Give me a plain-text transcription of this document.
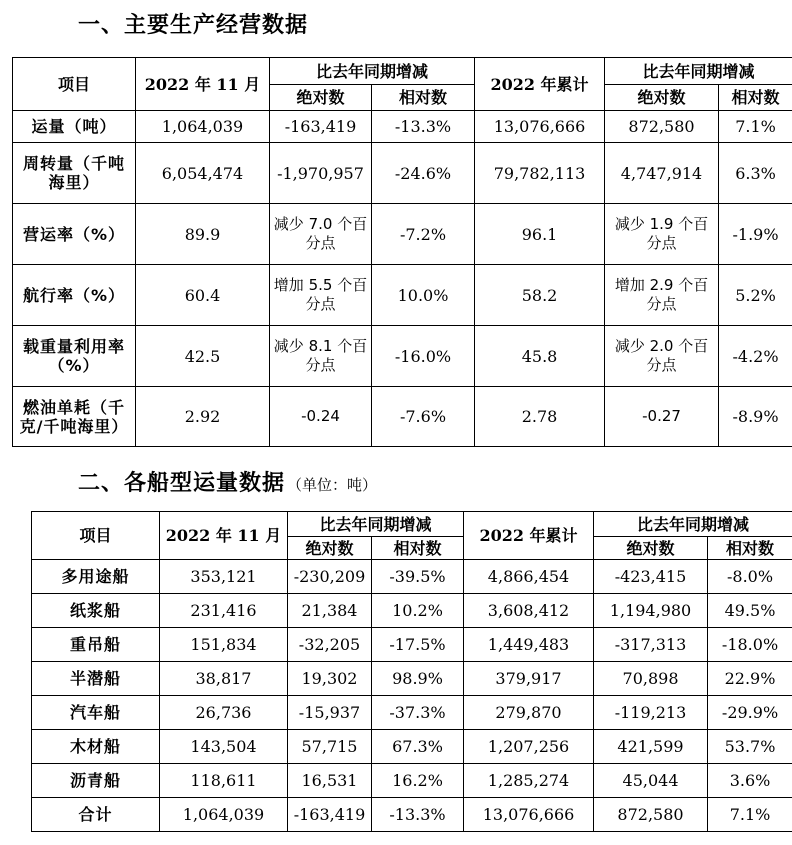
一、主要生产经营数据
项目	2022 年 11 月	比去年同期增减		2022 年累计	比去年同期增减	
		绝对数	相对数		绝对数	相对数
运量（吨）	1,064,039	-163,419	-13.3%	13,076,666	872,580	7.1%
周转量（千吨海里）	6,054,474	-1,970,957	-24.6%	79,782,113	4,747,914	6.3%
营运率（%）	89.9	减少 7.0 个百分点	-7.2%	96.1	减少 1.9 个百分点	-1.9%
航行率（%）	60.4	增加 5.5 个百分点	10.0%	58.2	增加 2.9 个百分点	5.2%
载重量利用率（%）	42.5	减少 8.1 个百分点	-16.0%	45.8	减少 2.0 个百分点	-4.2%
燃油单耗（千克/千吨海里）	2.92	-0.24	-7.6%	2.78	-0.27	-8.9%
二、各船型运量数据 （单位：吨）
项目	2022 年 11 月	比去年同期增减		2022 年累计	比去年同期增减	
		绝对数	相对数		绝对数	相对数
多用途船	353,121	-230,209	-39.5%	4,866,454	-423,415	-8.0%
纸浆船	231,416	21,384	10.2%	3,608,412	1,194,980	49.5%
重吊船	151,834	-32,205	-17.5%	1,449,483	-317,313	-18.0%
半潜船	38,817	19,302	98.9%	379,917	70,898	22.9%
汽车船	26,736	-15,937	-37.3%	279,870	-119,213	-29.9%
木材船	143,504	57,715	67.3%	1,207,256	421,599	53.7%
沥青船	118,611	16,531	16.2%	1,285,274	45,044	3.6%
合计	1,064,039	-163,419	-13.3%	13,076,666	872,580	7.1%
